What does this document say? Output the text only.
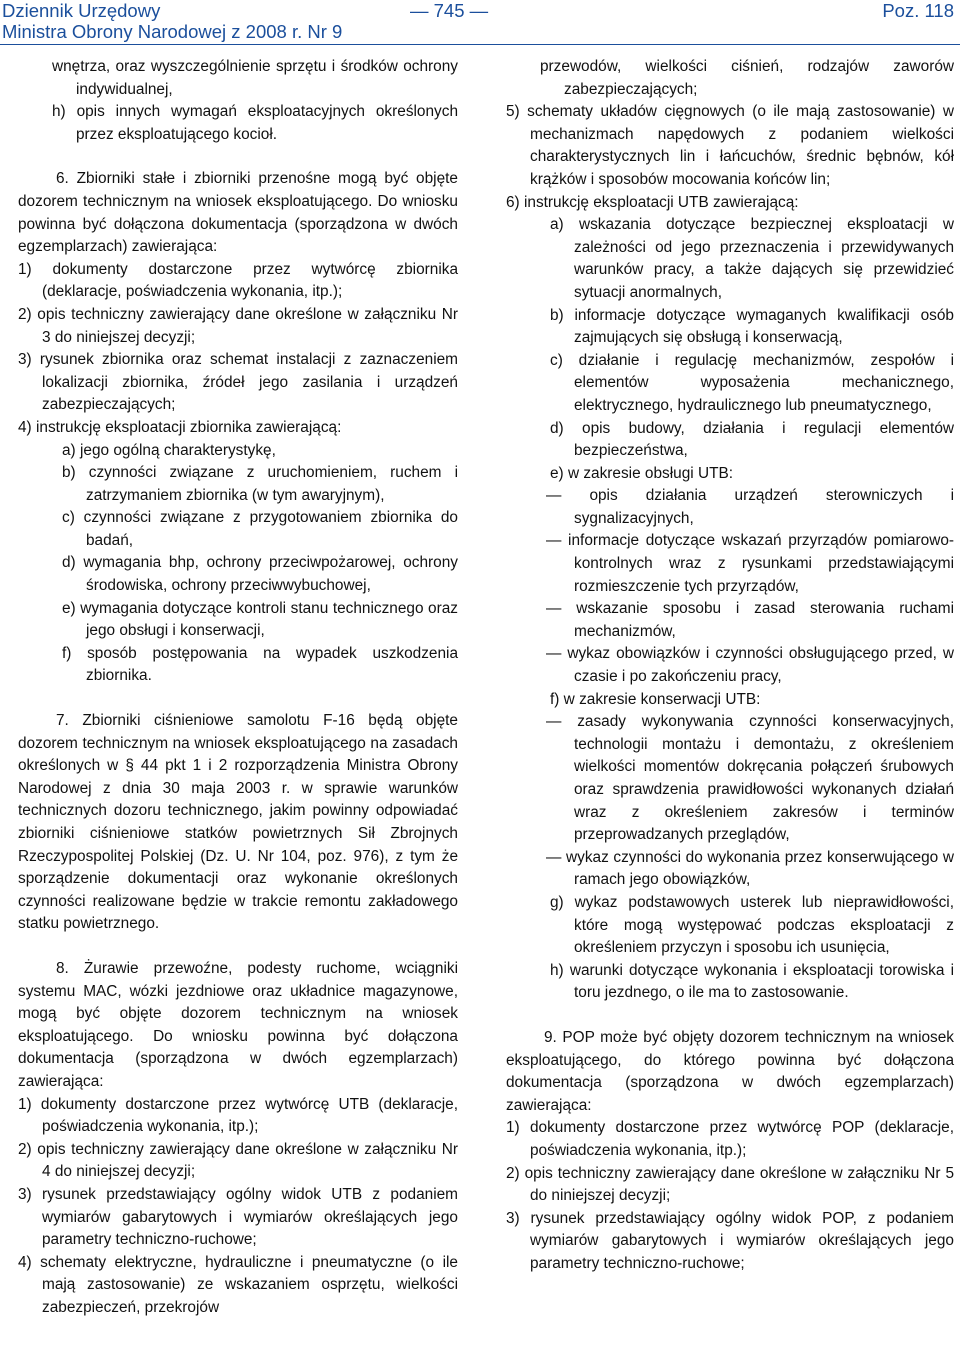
Dziennik Urzędowy	— 745 —	Poz. 118
Ministra Obrony Narodowej z 2008 r. Nr 9

wnętrza, oraz wyszczególnienie sprzętu i środków ochrony indywidualnej,

h) opis innych wymagań eksploatacyjnych określonych przez eksploatującego kocioł.

6. Zbiorniki stałe i zbiorniki przenośne mogą być objęte dozorem technicznym na wniosek eksploatującego. Do wniosku powinna być dołączona dokumentacja (sporządzona w dwóch egzemplarzach) zawierająca:

1) dokumenty dostarczone przez wytwórcę zbiornika (deklaracje, poświadczenia wykonania, itp.);

2) opis techniczny zawierający dane określone w załączniku Nr 3 do niniejszej decyzji;

3) rysunek zbiornika oraz schemat instalacji z zaznaczeniem lokalizacji zbiornika, źródeł jego zasilania i urządzeń zabezpieczających;

4) instrukcję eksploatacji zbiornika zawierającą:

a) jego ogólną charakterystykę,

b) czynności związane z uruchomieniem, ruchem i zatrzymaniem zbiornika (w tym awaryjnym),

c) czynności związane z przygotowaniem zbiornika do badań,

d) wymagania bhp, ochrony przeciwpożarowej, ochrony środowiska, ochrony przeciwwybuchowej,

e) wymagania dotyczące kontroli stanu technicznego oraz jego obsługi i konserwacji,

f) sposób postępowania na wypadek uszkodzenia zbiornika.

7. Zbiorniki ciśnieniowe samolotu F-16 będą objęte dozorem technicznym na wniosek eksploatującego na zasadach określonych w § 44 pkt 1 i 2 rozporządzenia Ministra Obrony Narodowej z dnia 30 maja 2003 r. w sprawie warunków technicznych dozoru technicznego, jakim powinny odpowiadać zbiorniki ciśnieniowe statków powietrznych Sił Zbrojnych Rzeczypospolitej Polskiej (Dz. U. Nr 104, poz. 976), z tym że sporządzenie dokumentacji oraz wykonanie określonych czynności realizowane będzie w trakcie remontu zakładowego statku powietrznego.

8. Żurawie przewoźne, podesty ruchome, wciągniki systemu MAC, wózki jezdniowe oraz układnice magazynowe, mogą być objęte dozorem technicznym na wniosek eksploatującego. Do wniosku powinna być dołączona dokumentacja (sporządzona w dwóch egzemplarzach) zawierająca:

1) dokumenty dostarczone przez wytwórcę UTB (deklaracje, poświadczenia wykonania, itp.);

2) opis techniczny zawierający dane określone w załączniku Nr 4 do niniejszej decyzji;

3) rysunek przedstawiający ogólny widok UTB z podaniem wymiarów gabarytowych i wymiarów określających jego parametry techniczno-ruchowe;

4) schematy elektryczne, hydrauliczne i pneumatyczne (o ile mają zastosowanie) ze wskazaniem osprzętu, wielkości zabezpieczeń, przekrojów

przewodów, wielkości ciśnień, rodzajów zaworów zabezpieczających;

5) schematy układów cięgnowych (o ile mają zastosowanie) w mechanizmach napędowych z podaniem wielkości charakterystycznych lin i łańcuchów, średnic bębnów, kół krążków i sposobów mocowania końców lin;

6) instrukcję eksploatacji UTB zawierającą:

a) wskazania dotyczące bezpiecznej eksploatacji w zależności od jego przeznaczenia i przewidywanych warunków pracy, a także dających się przewidzieć sytuacji anormalnych,

b) informacje dotyczące wymaganych kwalifikacji osób zajmujących się obsługą i konserwacją,

c) działanie i regulację mechanizmów, zespołów i elementów wyposażenia mechanicznego, elektrycznego, hydraulicznego lub pneumatycznego,

d) opis budowy, działania i regulacji elementów bezpieczeństwa,

e) w zakresie obsługi UTB:

— opis działania urządzeń sterowniczych i sygnalizacyjnych,

— informacje dotyczące wskazań przyrządów pomiarowo-kontrolnych wraz z rysunkami przedstawiającymi rozmieszczenie tych przyrządów,

— wskazanie sposobu i zasad sterowania ruchami mechanizmów,

— wykaz obowiązków i czynności obsługującego przed, w czasie i po zakończeniu pracy,

f) w zakresie konserwacji UTB:

— zasady wykonywania czynności konserwacyjnych, technologii montażu i demontażu, z określeniem wielkości momentów dokręcania połączeń śrubowych oraz sprawdzenia prawidłowości wykonanych działań wraz z określeniem zakresów i terminów przeprowadzanych przeglądów,

— wykaz czynności do wykonania przez konserwującego w ramach jego obowiązków,

g) wykaz podstawowych usterek lub nieprawidłowości, które mogą występować podczas eksploatacji z określeniem przyczyn i sposobu ich usunięcia,

h) warunki dotyczące wykonania i eksploatacji torowiska i toru jezdnego, o ile ma to zastosowanie.

9. POP może być objęty dozorem technicznym na wniosek eksploatującego, do którego powinna być dołączona dokumentacja (sporządzona w dwóch egzemplarzach) zawierająca:

1) dokumenty dostarczone przez wytwórcę POP (deklaracje, poświadczenia wykonania, itp.);

2) opis techniczny zawierający dane określone w załączniku Nr 5 do niniejszej decyzji;

3) rysunek przedstawiający ogólny widok POP, z podaniem wymiarów gabarytowych i wymiarów określających jego parametry techniczno-ruchowe;
